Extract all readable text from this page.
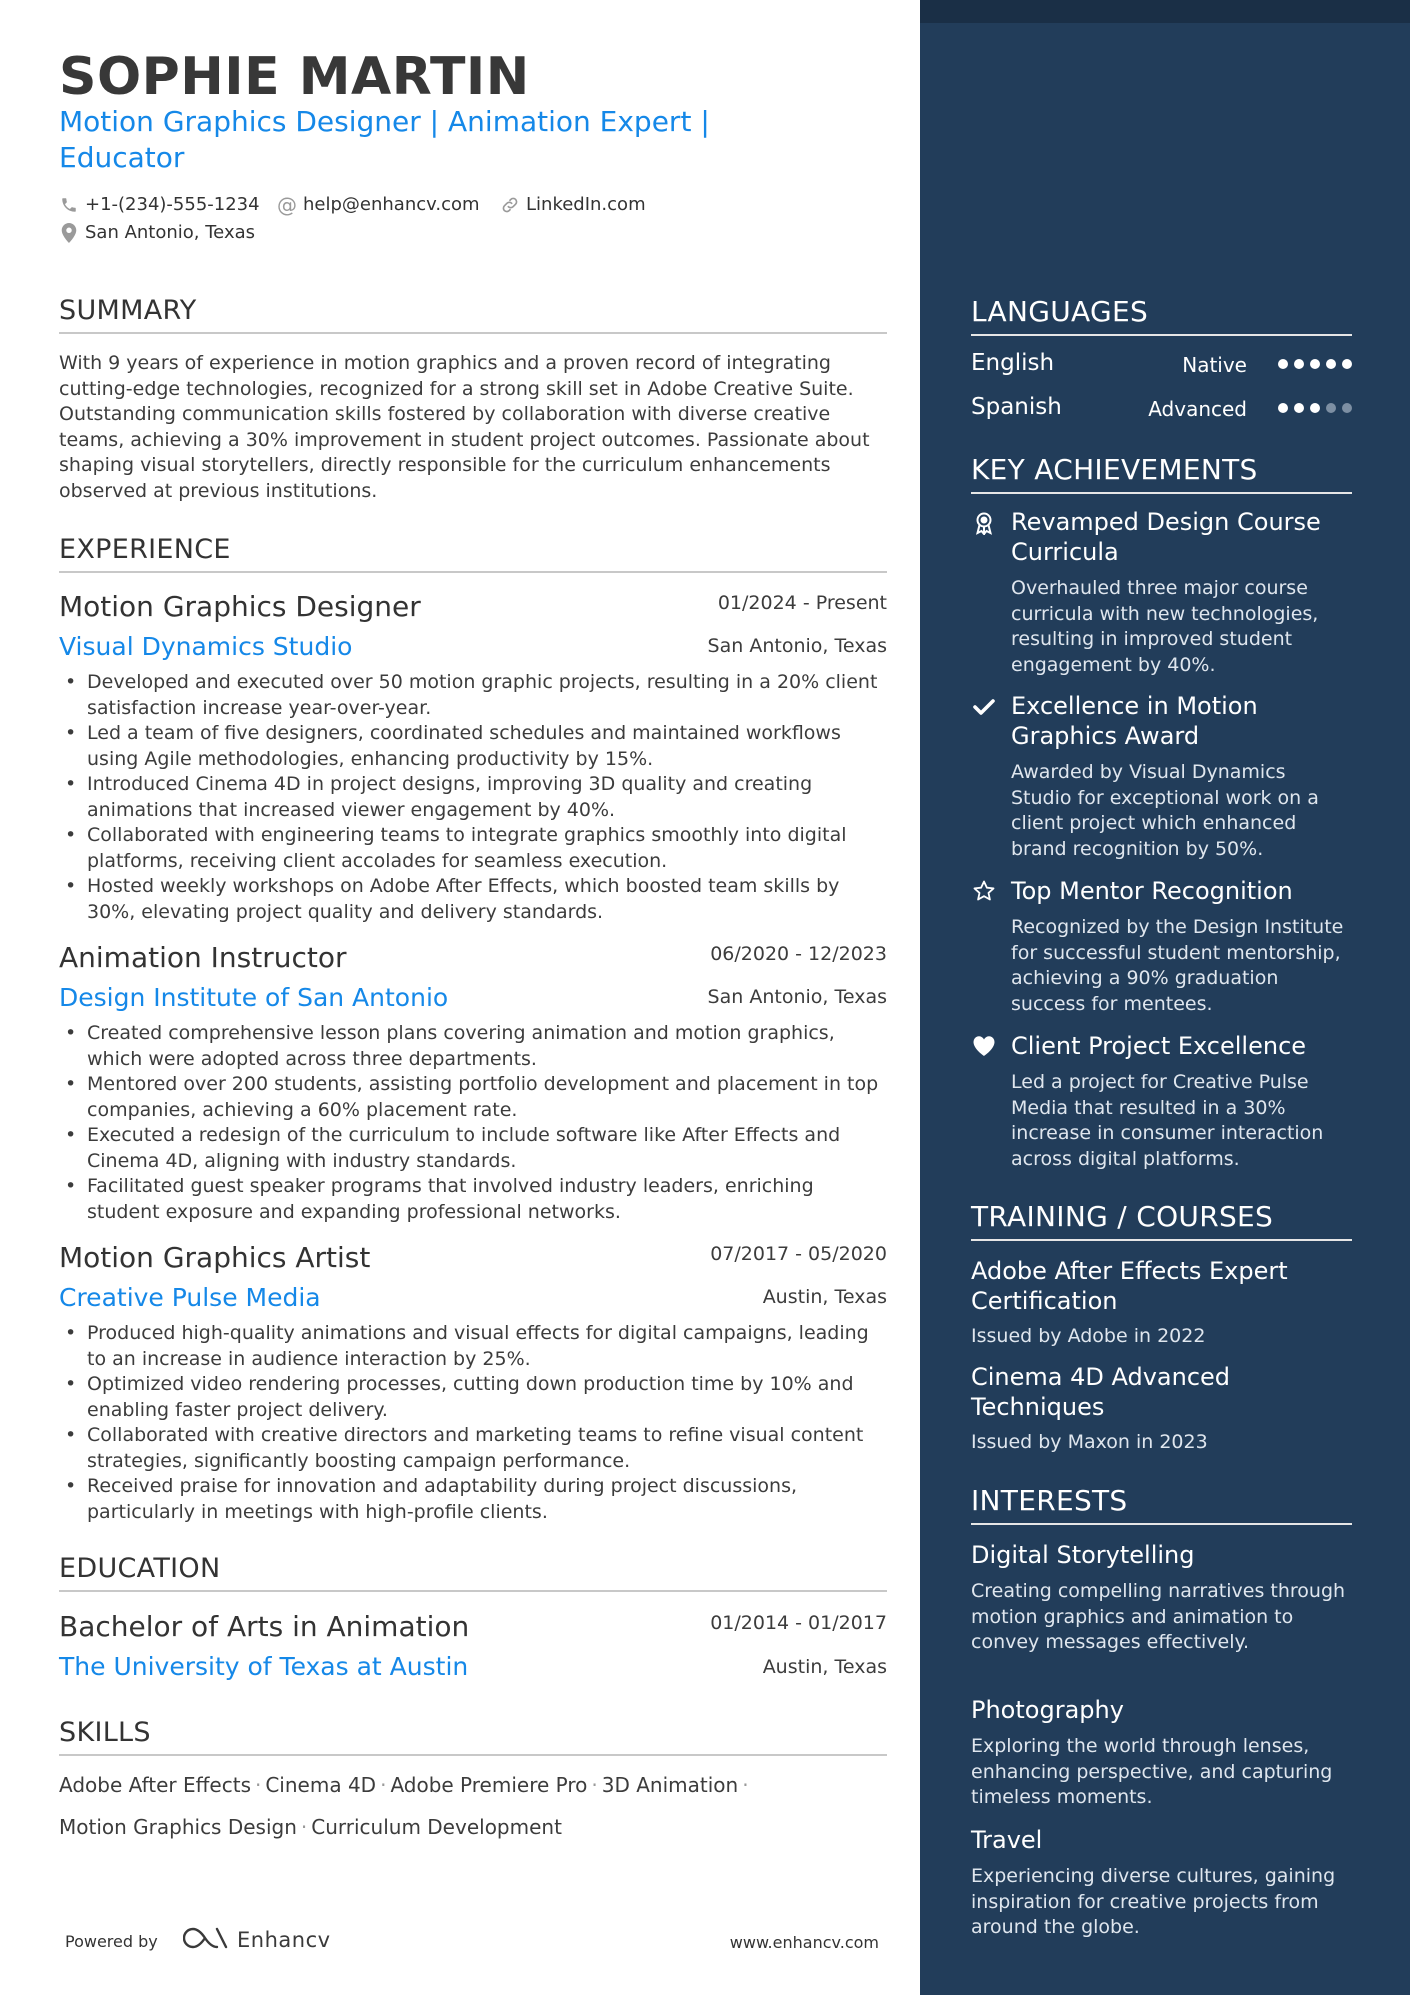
SOPHIE MARTIN
Motion Graphics Designer | Animation Expert | Educator
+1-(234)-555-1234 @ help@enhancv.com	LinkedIn.com
San Antonio, Texas
SUMMARY
With 9 years of experience in motion graphics and a proven record of integrating cutting-edge technologies, recognized for a strong skill set in Adobe Creative Suite. Outstanding communication skills fostered by collaboration with diverse creative teams, achieving a 30% improvement in student project outcomes. Passionate about shaping visual storytellers, directly responsible for the curriculum enhancements observed at previous institutions.
EXPERIENCE
Motion Graphics Designer	01/2024 - Present
Visual Dynamics Studio	San Antonio, Texas
• Developed and executed over 50 motion graphic projects, resulting in a 20% client satisfaction increase year-over-year.
• Led a team of five designers, coordinated schedules and maintained workflows using Agile methodologies, enhancing productivity by 15%.
• Introduced Cinema 4D in project designs, improving 3D quality and creating animations that increased viewer engagement by 40%.
• Collaborated with engineering teams to integrate graphics smoothly into digital platforms, receiving client accolades for seamless execution.
• Hosted weekly workshops on Adobe After Effects, which boosted team skills by 30%, elevating project quality and delivery standards.
Animation Instructor	06/2020 - 12/2023
Design Institute of San Antonio	San Antonio, Texas
• Created comprehensive lesson plans covering animation and motion graphics, which were adopted across three departments.
• Mentored over 200 students, assisting portfolio development and placement in top companies, achieving a 60% placement rate.
• Executed a redesign of the curriculum to include software like After Effects and Cinema 4D, aligning with industry standards.
• Facilitated guest speaker programs that involved industry leaders, enriching student exposure and expanding professional networks.
Motion Graphics Artist	07/2017 - 05/2020
Creative Pulse Media	Austin, Texas
• Produced high-quality animations and visual effects for digital campaigns, leading to an increase in audience interaction by 25%.
• Optimized video rendering processes, cutting down production time by 10% and enabling faster project delivery.
• Collaborated with creative directors and marketing teams to refine visual content strategies, significantly boosting campaign performance.
• Received praise for innovation and adaptability during project discussions, particularly in meetings with high-profile clients.
EDUCATION
Bachelor of Arts in Animation	01/2014 - 01/2017
The University of Texas at Austin	Austin, Texas
SKILLS
Adobe After Effects · Cinema 4D · Adobe Premiere Pro · 3D Animation ·
Motion Graphics Design · Curriculum Development
Powered by	Enhancv	www.enhancv.com
LANGUAGES
English	Native
Spanish	Advanced
KEY ACHIEVEMENTS
Revamped Design Course Curricula
Overhauled three major course curricula with new technologies, resulting in improved student engagement by 40%.
Excellence in Motion Graphics Award
Awarded by Visual Dynamics Studio for exceptional work on a client project which enhanced brand recognition by 50%.
Top Mentor Recognition
Recognized by the Design Institute for successful student mentorship, achieving a 90% graduation success for mentees.
Client Project Excellence
Led a project for Creative Pulse Media that resulted in a 30% increase in consumer interaction across digital platforms.
TRAINING / COURSES
Adobe After Effects Expert Certification
Issued by Adobe in 2022
Cinema 4D Advanced Techniques
Issued by Maxon in 2023
INTERESTS
Digital Storytelling
Creating compelling narratives through motion graphics and animation to convey messages effectively.
Photography
Exploring the world through lenses, enhancing perspective, and capturing timeless moments.
Travel
Experiencing diverse cultures, gaining inspiration for creative projects from around the globe.
